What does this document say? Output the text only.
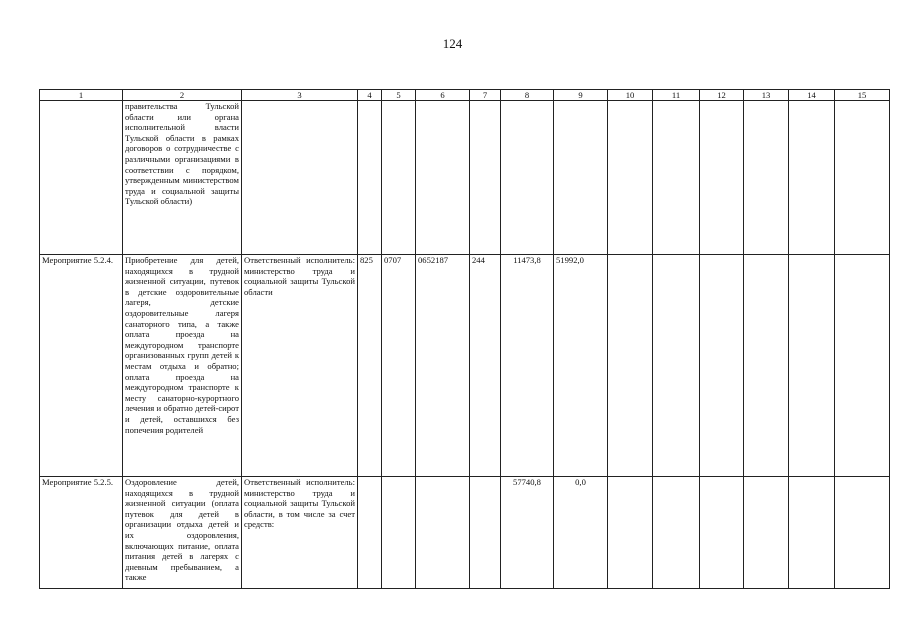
124
1	2	3	4	5	6	7	8	9	10	11	12	13	14	15
	правительства Тульской области или органа исполнительной власти Тульской области в рамках договоров о сотрудничестве с различными организациями в соответствии с порядком, утвержденным министерством труда и социальной защиты Тульской области)													
Мероприятие 5.2.4.	Приобретение для детей, находящихся в трудной жизненной ситуации, путевок в детские оздоровительные лагеря, детские оздоровительные лагеря санаторного типа, а также оплата проезда на междугородном транспорте организованных групп детей к местам отдыха и обратно; оплата проезда на междугородном транспорте к месту санаторно-курортного лечения и обратно детей-сирот и детей, оставшихся без попечения родителей	Ответственный исполнитель: министерство труда и социальной защиты Тульской области	825	0707	0652187	244	11473,8	51992,0						
Мероприятие 5.2.5.	Оздоровление детей, находящихся в трудной жизненной ситуации (оплата путевок для детей в организации отдыха детей и их оздоровления, включающих питание, оплата питания детей в лагерях с дневным пребыванием, а также	Ответственный исполнитель: министерство труда и социальной защиты Тульской области, в том числе за счет средств:					57740,8	0,0						
